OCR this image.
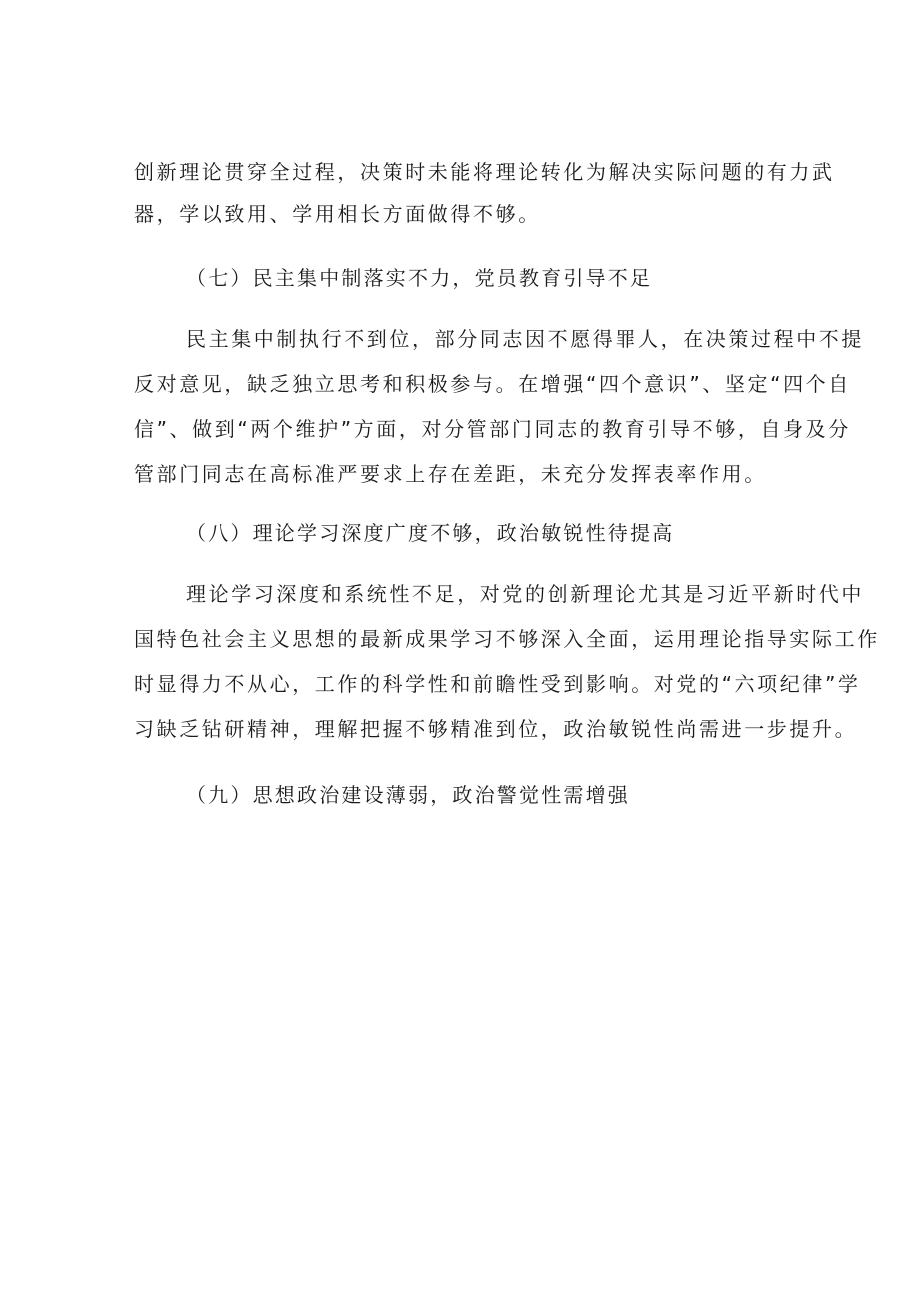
创新理论贯穿全过程，决策时未能将理论转化为解决实际问题的有力武
器，学以致用、学用相长方面做得不够。
（七）民主集中制落实不力，党员教育引导不足
民主集中制执行不到位，部分同志因不愿得罪人，在决策过程中不提
反对意见，缺乏独立思考和积极参与。在增强“四个意识”、坚定“四个自
信”、做到“两个维护”方面，对分管部门同志的教育引导不够，自身及分
管部门同志在高标准严要求上存在差距，未充分发挥表率作用。
（八）理论学习深度广度不够，政治敏锐性待提高
理论学习深度和系统性不足，对党的创新理论尤其是习近平新时代中
国特色社会主义思想的最新成果学习不够深入全面，运用理论指导实际工作
时显得力不从心，工作的科学性和前瞻性受到影响。对党的“六项纪律”学
习缺乏钻研精神，理解把握不够精准到位，政治敏锐性尚需进一步提升。
（九）思想政治建设薄弱，政治警觉性需增强
